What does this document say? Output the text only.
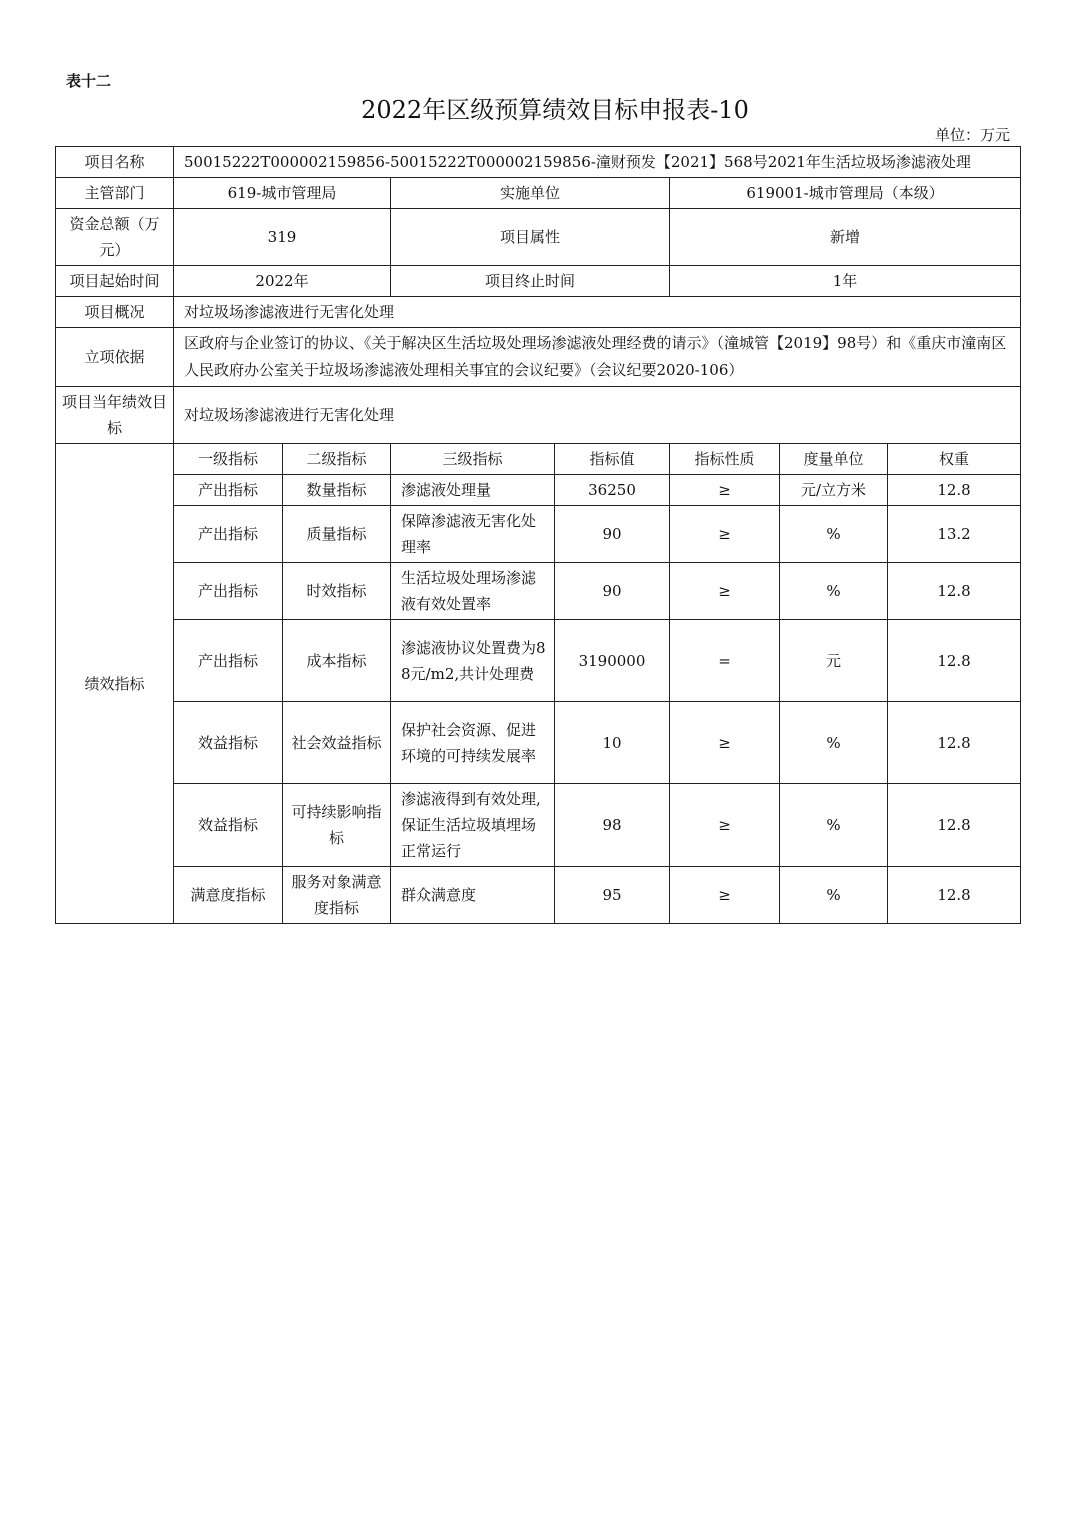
表十二
2022年区级预算绩效目标申报表-10
单位：万元
项目名称	50015222T000002159856-50015222T000002159856-潼财预发【2021】568号2021年生活垃圾场渗滤液处理						
主管部门	619-城市管理局		实施单位		619001-城市管理局（本级）		
资金总额（万元）	319		项目属性		新增		
项目起始时间	2022年		项目终止时间		1年		
项目概况	对垃圾场渗滤液进行无害化处理						
立项依据	区政府与企业签订的协议、《关于解决区生活垃圾处理场渗滤液处理经费的请示》（潼城管【2019】98号）和《重庆市潼南区人民政府办公室关于垃圾场渗滤液处理相关事宜的会议纪要》（会议纪要2020-106）						
项目当年绩效目标	对垃圾场渗滤液进行无害化处理						
绩效指标	一级指标	二级指标	三级指标	指标值	指标性质	度量单位	权重
	产出指标	数量指标	渗滤液处理量	36250	≥	元/立方米	12.8
	产出指标	质量指标	保障渗滤液无害化处理率	90	≥	%	13.2
	产出指标	时效指标	生活垃圾处理场渗滤液有效处置率	90	≥	%	12.8
	产出指标	成本指标	渗滤液协议处置费为88元/m2,共计处理费	3190000	=	元	12.8
	效益指标	社会效益指标	保护社会资源、促进环境的可持续发展率	10	≥	%	12.8
	效益指标	可持续影响指标	渗滤液得到有效处理,保证生活垃圾填埋场正常运行	98	≥	%	12.8
	满意度指标	服务对象满意度指标	群众满意度	95	≥	%	12.8
